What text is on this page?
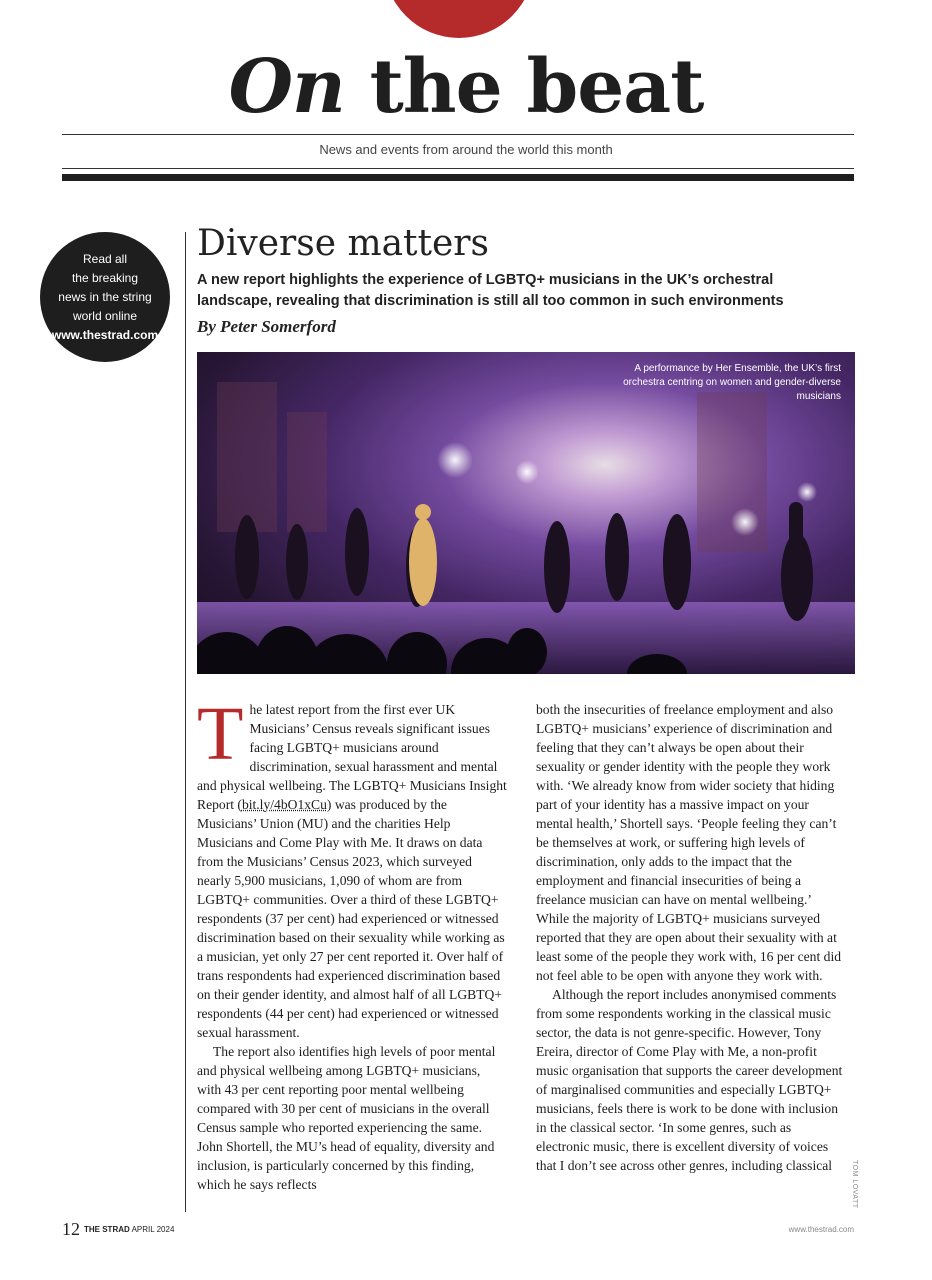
On the beat
News and events from around the world this month
Read all
the breaking
news in the string
world online
www.thestrad.com
Diverse matters
A new report highlights the experience of LGBTQ+ musicians in the UK’s orchestral landscape, revealing that discrimination is still all too common in such environments
By Peter Somerford
A performance by Her Ensemble, the UK’s first orchestra centring on women and gender-diverse musicians

The latest report from the first ever UK Musicians’ Census reveals significant issues facing LGBTQ+ musicians around discrimination, sexual harassment and mental and physical wellbeing. The LGBTQ+ Musicians Insight Report (bit.ly/4bO1xCu) was produced by the Musicians’ Union (MU) and the charities Help Musicians and Come Play with Me. It draws on data from the Musicians’ Census 2023, which surveyed nearly 5,900 musicians, 1,090 of whom are from LGBTQ+ communities. Over a third of these LGBTQ+ respondents (37 per cent) had experienced or witnessed discrimination based on their sexuality while working as a musician, yet only 27 per cent reported it. Over half of trans respondents had experienced discrimination based on their gender identity, and almost half of all LGBTQ+ respondents (44 per cent) had experienced or witnessed sexual harassment.

The report also identifies high levels of poor mental and physical wellbeing among LGBTQ+ musicians, with 43 per cent reporting poor mental wellbeing compared with 30 per cent of musicians in the overall Census sample who reported experiencing the same. John Shortell, the MU’s head of equality, diversity and inclusion, is particularly concerned by this finding, which he says reflects

both the insecurities of freelance employment and also LGBTQ+ musicians’ experience of discrimination and feeling that they can’t always be open about their sexuality or gender identity with the people they work with. ‘We already know from wider society that hiding part of your identity has a massive impact on your mental health,’ Shortell says. ‘People feeling they can’t be themselves at work, or suffering high levels of discrimination, only adds to the impact that the employment and financial insecurities of being a freelance musician can have on mental wellbeing.’ While the majority of LGBTQ+ musicians surveyed reported that they are open about their sexuality with at least some of the people they work with, 16 per cent did not feel able to be open with anyone they work with.

Although the report includes anonymised comments from some respondents working in the classical music sector, the data is not genre-specific. However, Tony Ereira, director of Come Play with Me, a non-profit music organisation that supports the career development of marginalised communities and especially LGBTQ+ musicians, feels there is work to be done with inclusion in the classical sector. ‘In some genres, such as electronic music, there is excellent diversity of voices that I don’t see across other genres, including classical	TOM LOVATT
12 THE STRAD APRIL 2024	www.thestrad.com
